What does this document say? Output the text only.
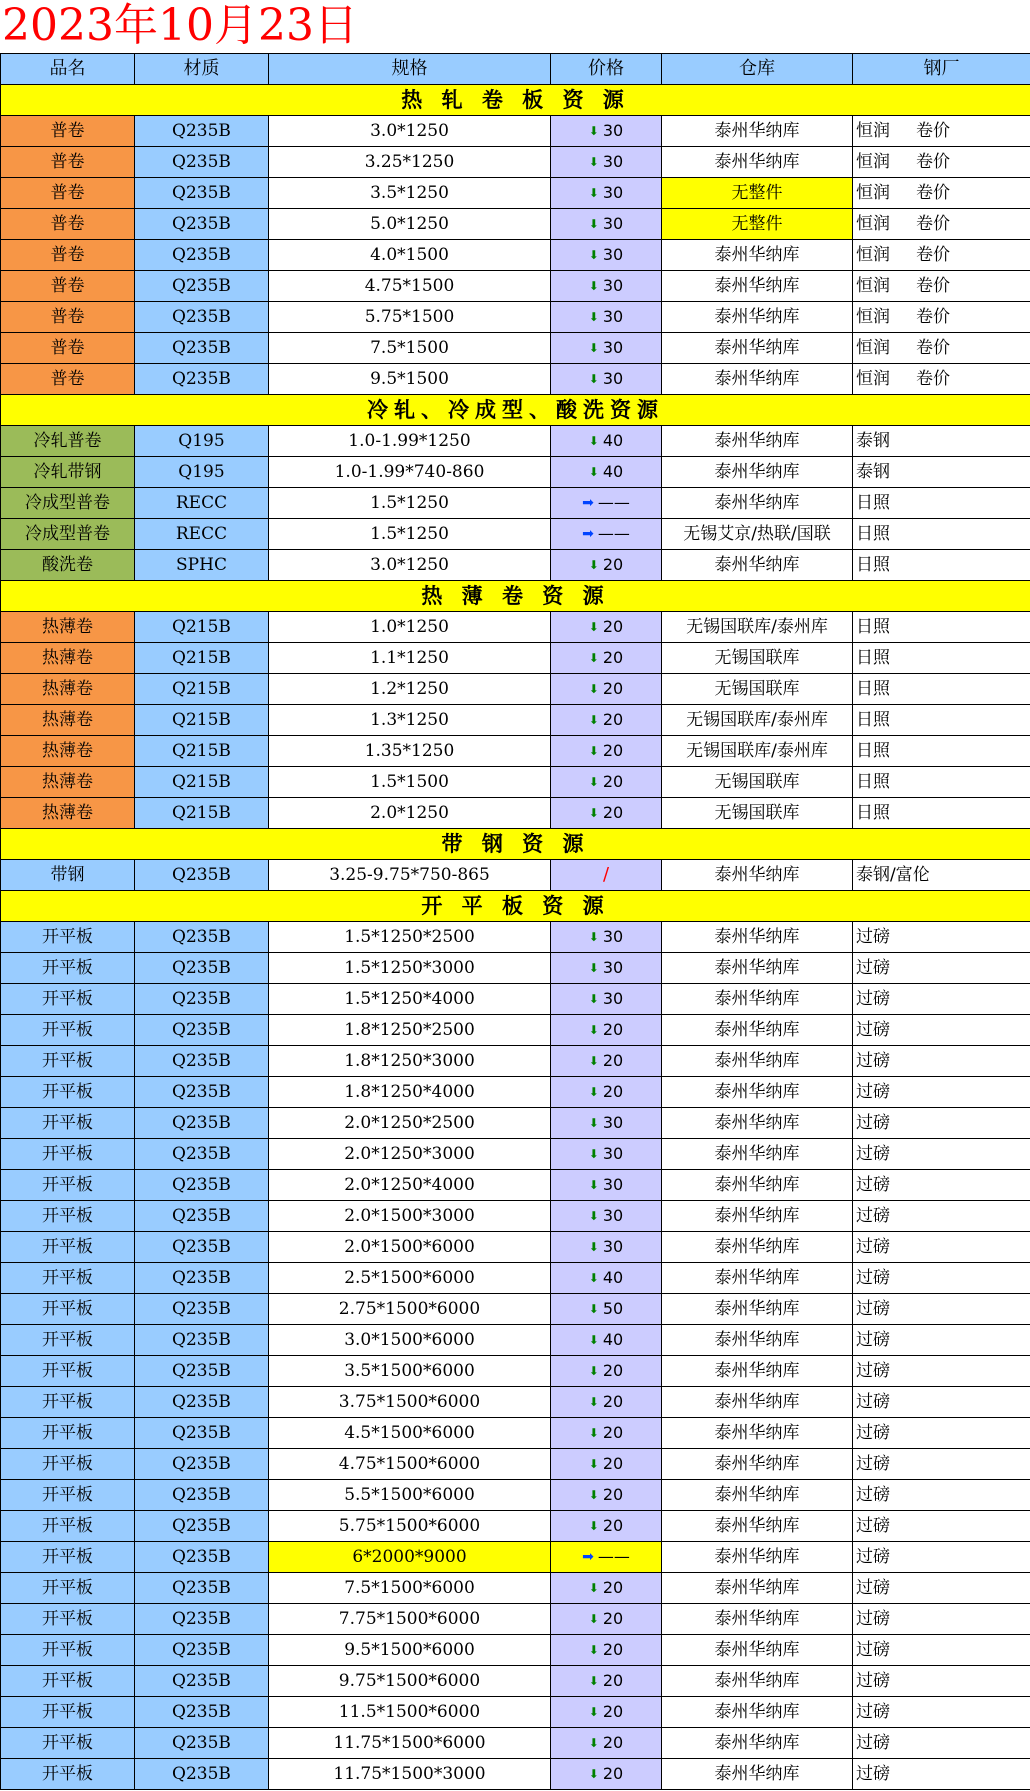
2023年10月23日
品名	材质	规格	价格	仓库	钢厂
热 轧 卷 板 资 源					
普卷	Q235B	3.0*1250	⬇ 30	泰州华纳库	恒润 卷价
普卷	Q235B	3.25*1250	⬇ 30	泰州华纳库	恒润 卷价
普卷	Q235B	3.5*1250	⬇ 30	无整件	恒润 卷价
普卷	Q235B	5.0*1250	⬇ 30	无整件	恒润 卷价
普卷	Q235B	4.0*1500	⬇ 30	泰州华纳库	恒润 卷价
普卷	Q235B	4.75*1500	⬇ 30	泰州华纳库	恒润 卷价
普卷	Q235B	5.75*1500	⬇ 30	泰州华纳库	恒润 卷价
普卷	Q235B	7.5*1500	⬇ 30	泰州华纳库	恒润 卷价
普卷	Q235B	9.5*1500	⬇ 30	泰州华纳库	恒润 卷价
冷轧、冷成型、酸洗资源					
冷轧普卷	Q195	1.0-1.99*1250	⬇ 40	泰州华纳库	泰钢
冷轧带钢	Q195	1.0-1.99*740-860	⬇ 40	泰州华纳库	泰钢
冷成型普卷	RECC	1.5*1250	➡ ——	泰州华纳库	日照
冷成型普卷	RECC	1.5*1250	➡ ——	无锡艾京/热联/国联	日照
酸洗卷	SPHC	3.0*1250	⬇ 20	泰州华纳库	日照
热 薄 卷 资 源					
热薄卷	Q215B	1.0*1250	⬇ 20	无锡国联库/泰州库	日照
热薄卷	Q215B	1.1*1250	⬇ 20	无锡国联库	日照
热薄卷	Q215B	1.2*1250	⬇ 20	无锡国联库	日照
热薄卷	Q215B	1.3*1250	⬇ 20	无锡国联库/泰州库	日照
热薄卷	Q215B	1.35*1250	⬇ 20	无锡国联库/泰州库	日照
热薄卷	Q215B	1.5*1500	⬇ 20	无锡国联库	日照
热薄卷	Q215B	2.0*1250	⬇ 20	无锡国联库	日照
带 钢 资 源					
带钢	Q235B	3.25-9.75*750-865	/	泰州华纳库	泰钢/富伦
开 平 板 资 源					
开平板	Q235B	1.5*1250*2500	⬇ 30	泰州华纳库	过磅
开平板	Q235B	1.5*1250*3000	⬇ 30	泰州华纳库	过磅
开平板	Q235B	1.5*1250*4000	⬇ 30	泰州华纳库	过磅
开平板	Q235B	1.8*1250*2500	⬇ 20	泰州华纳库	过磅
开平板	Q235B	1.8*1250*3000	⬇ 20	泰州华纳库	过磅
开平板	Q235B	1.8*1250*4000	⬇ 20	泰州华纳库	过磅
开平板	Q235B	2.0*1250*2500	⬇ 30	泰州华纳库	过磅
开平板	Q235B	2.0*1250*3000	⬇ 30	泰州华纳库	过磅
开平板	Q235B	2.0*1250*4000	⬇ 30	泰州华纳库	过磅
开平板	Q235B	2.0*1500*3000	⬇ 30	泰州华纳库	过磅
开平板	Q235B	2.0*1500*6000	⬇ 30	泰州华纳库	过磅
开平板	Q235B	2.5*1500*6000	⬇ 40	泰州华纳库	过磅
开平板	Q235B	2.75*1500*6000	⬇ 50	泰州华纳库	过磅
开平板	Q235B	3.0*1500*6000	⬇ 40	泰州华纳库	过磅
开平板	Q235B	3.5*1500*6000	⬇ 20	泰州华纳库	过磅
开平板	Q235B	3.75*1500*6000	⬇ 20	泰州华纳库	过磅
开平板	Q235B	4.5*1500*6000	⬇ 20	泰州华纳库	过磅
开平板	Q235B	4.75*1500*6000	⬇ 20	泰州华纳库	过磅
开平板	Q235B	5.5*1500*6000	⬇ 20	泰州华纳库	过磅
开平板	Q235B	5.75*1500*6000	⬇ 20	泰州华纳库	过磅
开平板	Q235B	6*2000*9000	➡ ——	泰州华纳库	过磅
开平板	Q235B	7.5*1500*6000	⬇ 20	泰州华纳库	过磅
开平板	Q235B	7.75*1500*6000	⬇ 20	泰州华纳库	过磅
开平板	Q235B	9.5*1500*6000	⬇ 20	泰州华纳库	过磅
开平板	Q235B	9.75*1500*6000	⬇ 20	泰州华纳库	过磅
开平板	Q235B	11.5*1500*6000	⬇ 20	泰州华纳库	过磅
开平板	Q235B	11.75*1500*6000	⬇ 20	泰州华纳库	过磅
开平板	Q235B	11.75*1500*3000	⬇ 20	泰州华纳库	过磅
